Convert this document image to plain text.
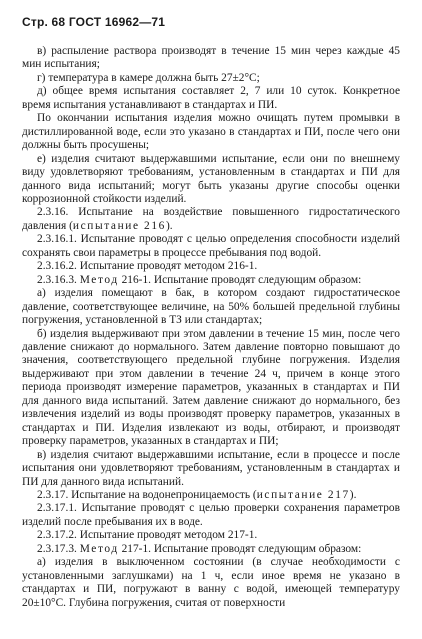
Стр. 68 ГОСТ 16962—71

в) распыление раствора производят в течение 15 мин через каждые 45 мин испытания;

г) температура в камере должна быть 27±2°С;

д) общее время испытания составляет 2, 7 или 10 суток. Конкретное время испытания устанавливают в стандартах и ПИ.

По окончании испытания изделия можно очищать путем промывки в дистиллированной воде, если это указано в стандартах и ПИ, после чего они должны быть просушены;

е) изделия считают выдержавшими испытание, если они по внешнему виду удовлетворяют требованиям, установленным в стандартах и ПИ для данного вида испытаний; могут быть указаны другие способы оценки коррозионной стойкости изделий.

2.3.16. Испытание на воздействие повышенного гидростатического давления (испытание 216).

2.3.16.1. Испытание проводят с целью определения способности изделий сохранять свои параметры в процессе пребывания под водой.

2.3.16.2. Испытание проводят методом 216-1.

2.3.16.3. Метод 216-1. Испытание проводят следующим образом:

а) изделия помещают в бак, в котором создают гидростатическое давление, соответствующее величине, на 50% большей предельной глубины погружения, установленной в ТЗ или стандартах;

б) изделия выдерживают при этом давлении в течение 15 мин, после чего давление снижают до нормального. Затем давление повторно повышают до значения, соответствующего предельной глубине погружения. Изделия выдерживают при этом давлении в течение 24 ч, причем в конце этого периода производят измерение параметров, указанных в стандартах и ПИ для данного вида испытаний. Затем давление снижают до нормального, без извлечения изделий из воды производят проверку параметров, указанных в стандартах и ПИ. Изделия извлекают из воды, отбирают, и производят проверку параметров, указанных в стандартах и ПИ;

в) изделия считают выдержавшими испытание, если в процессе и после испытания они удовлетворяют требованиям, установленным в стандартах и ПИ для данного вида испытаний.

2.3.17. Испытание на водонепроницаемость (испытание 217).

2.3.17.1. Испытание проводят с целью проверки сохранения параметров изделий после пребывания их в воде.

2.3.17.2. Испытание проводят методом 217-1.

2.3.17.3. Метод 217-1. Испытание проводят следующим образом:

а) изделия в выключенном состоянии (в случае необходимости с установленными заглушками) на 1 ч, если иное время не указано в стандартах и ПИ, погружают в ванну с водой, имеющей температуру 20±10°С. Глубина погружения, считая от поверхности
